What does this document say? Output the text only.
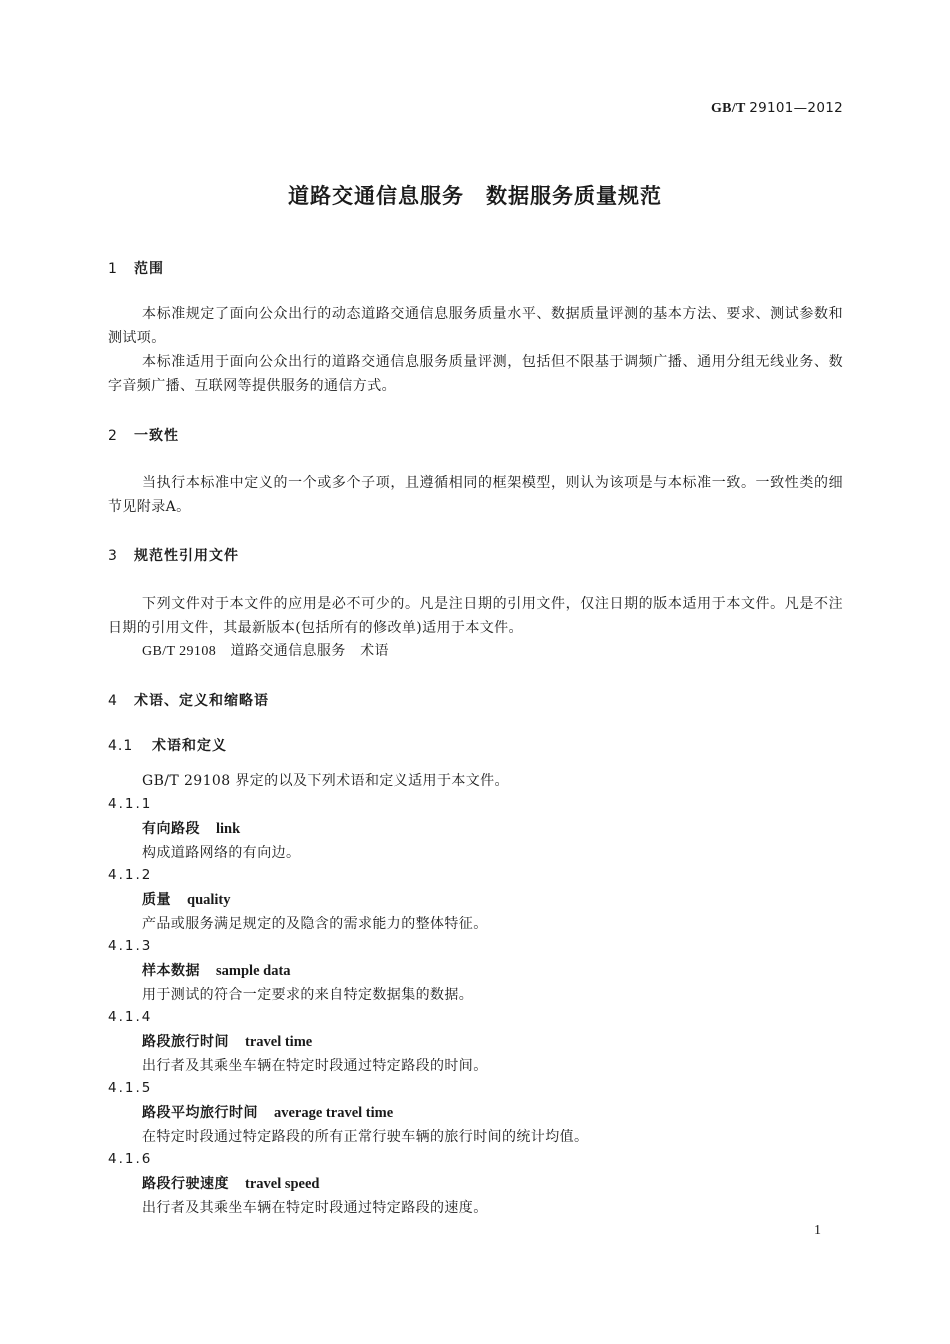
GB/T 29101—2012
道路交通信息服务　数据服务质量规范
1 范围
本标准规定了面向公众出行的动态道路交通信息服务质量水平、数据质量评测的基本方法、要求、测试参数和测试项。
本标准适用于面向公众出行的道路交通信息服务质量评测，包括但不限基于调频广播、通用分组无线业务、数字音频广播、互联网等提供服务的通信方式。
2 一致性
当执行本标准中定义的一个或多个子项，且遵循相同的框架模型，则认为该项是与本标准一致。一致性类的细节见附录A。
3 规范性引用文件
下列文件对于本文件的应用是必不可少的。凡是注日期的引用文件，仅注日期的版本适用于本文件。凡是不注日期的引用文件，其最新版本(包括所有的修改单)适用于本文件。
GB/T 29108　道路交通信息服务　术语
4 术语、定义和缩略语
4.1 术语和定义
GB/T 29108 界定的以及下列术语和定义适用于本文件。
4.1.1
有向路段 link
构成道路网络的有向边。
4.1.2
质量 quality
产品或服务满足规定的及隐含的需求能力的整体特征。
4.1.3
样本数据 sample data
用于测试的符合一定要求的来自特定数据集的数据。
4.1.4
路段旅行时间 travel time
出行者及其乘坐车辆在特定时段通过特定路段的时间。
4.1.5
路段平均旅行时间 average travel time
在特定时段通过特定路段的所有正常行驶车辆的旅行时间的统计均值。
4.1.6
路段行驶速度 travel speed
出行者及其乘坐车辆在特定时段通过特定路段的速度。
1
